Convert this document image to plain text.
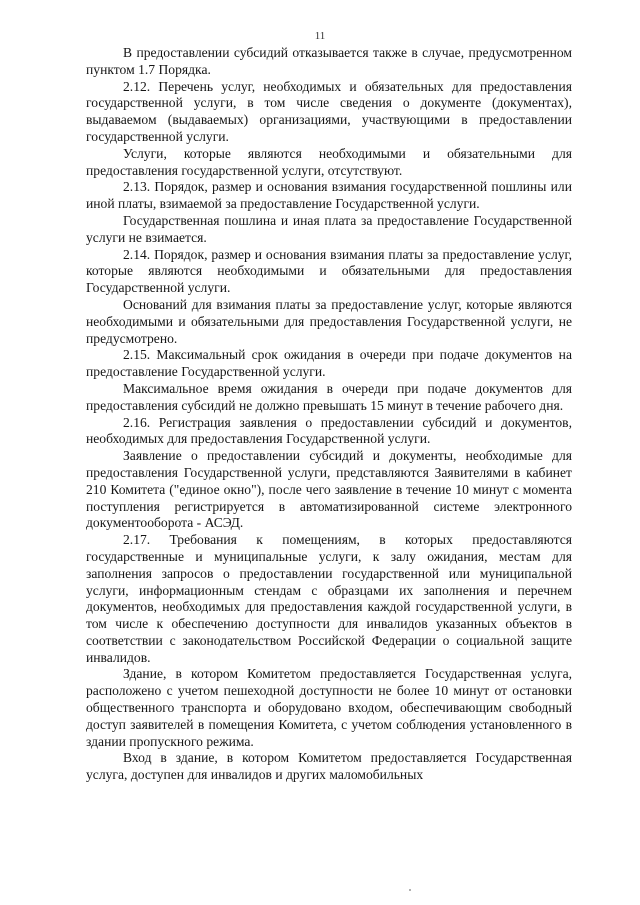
11

В предоставлении субсидий отказывается также в случае, предусмотренном пунктом 1.7 Порядка.

2.12. Перечень услуг, необходимых и обязательных для предоставления государственной услуги, в том числе сведения о документе (документах), выдаваемом (выдаваемых) организациями, участвующими в предоставлении государственной услуги.

Услуги, которые являются необходимыми и обязательными для предоставления государственной услуги, отсутствуют.

2.13. Порядок, размер и основания взимания государственной пошлины или иной платы, взимаемой за предоставление Государственной услуги.

Государственная пошлина и иная плата за предоставление Государственной услуги не взимается.

2.14. Порядок, размер и основания взимания платы за предоставление услуг, которые являются необходимыми и обязательными для предоставления Государственной услуги.

Оснований для взимания платы за предоставление услуг, которые являются необходимыми и обязательными для предоставления Государственной услуги, не предусмотрено.

2.15. Максимальный срок ожидания в очереди при подаче документов на предоставление Государственной услуги.

Максимальное время ожидания в очереди при подаче документов для предоставления субсидий не должно превышать 15 минут в течение рабочего дня.

2.16. Регистрация заявления о предоставлении субсидий и документов, необходимых для предоставления Государственной услуги.

Заявление о предоставлении субсидий и документы, необходимые для предоставления Государственной услуги, представляются Заявителями в кабинет 210 Комитета ("единое окно"), после чего заявление в течение 10 минут с момента поступления регистрируется в автоматизированной системе электронного документооборота - АСЭД.

2.17. Требования к помещениям, в которых предоставляются государственные и муниципальные услуги, к залу ожидания, местам для заполнения запросов о предоставлении государственной или муниципальной услуги, информационным стендам с образцами их заполнения и перечнем документов, необходимых для предоставления каждой государственной услуги, в том числе к обеспечению доступности для инвалидов указанных объектов в соответствии с законодательством Российской Федерации о социальной защите инвалидов.

Здание, в котором Комитетом предоставляется Государственная услуга, расположено с учетом пешеходной доступности не более 10 минут от остановки общественного транспорта и оборудовано входом, обеспечивающим свободный доступ заявителей в помещения Комитета, с учетом соблюдения установленного в здании пропускного режима.

Вход в здание, в котором Комитетом предоставляется Государственная услуга, доступен для инвалидов и других маломобильных
